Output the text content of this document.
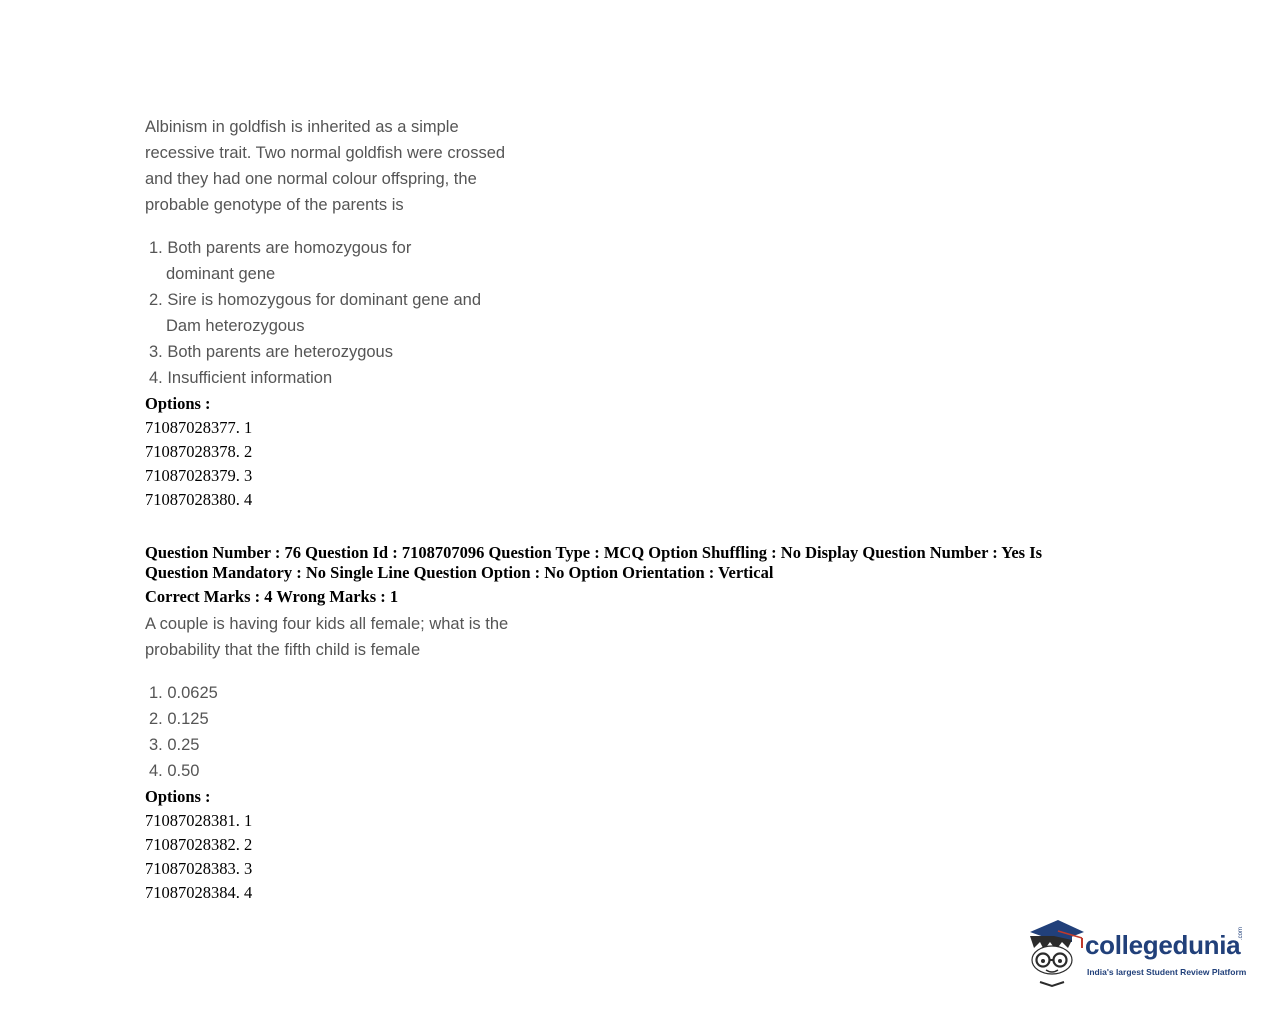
Albinism in goldfish is inherited as a simple
recessive trait. Two normal goldfish were crossed
and they had one normal colour offspring, the
probable genotype of the parents is
1. Both parents are homozygous for
dominant gene
2. Sire is homozygous for dominant gene and
Dam heterozygous
3. Both parents are heterozygous
4. Insufficient information
Options :
71087028377. 1
71087028378. 2
71087028379. 3
71087028380. 4
Question Number : 76 Question Id : 7108707096 Question Type : MCQ Option Shuffling : No Display Question Number : Yes Is
Question Mandatory : No Single Line Question Option : No Option Orientation : Vertical
Correct Marks : 4 Wrong Marks : 1
A couple is having four kids all female; what is the
probability that the fifth child is female
1. 0.0625
2. 0.125
3. 0.25
4. 0.50
Options :
71087028381. 1
71087028382. 2
71087028383. 3
71087028384. 4
collegedunia
.com
India's largest Student Review Platform
